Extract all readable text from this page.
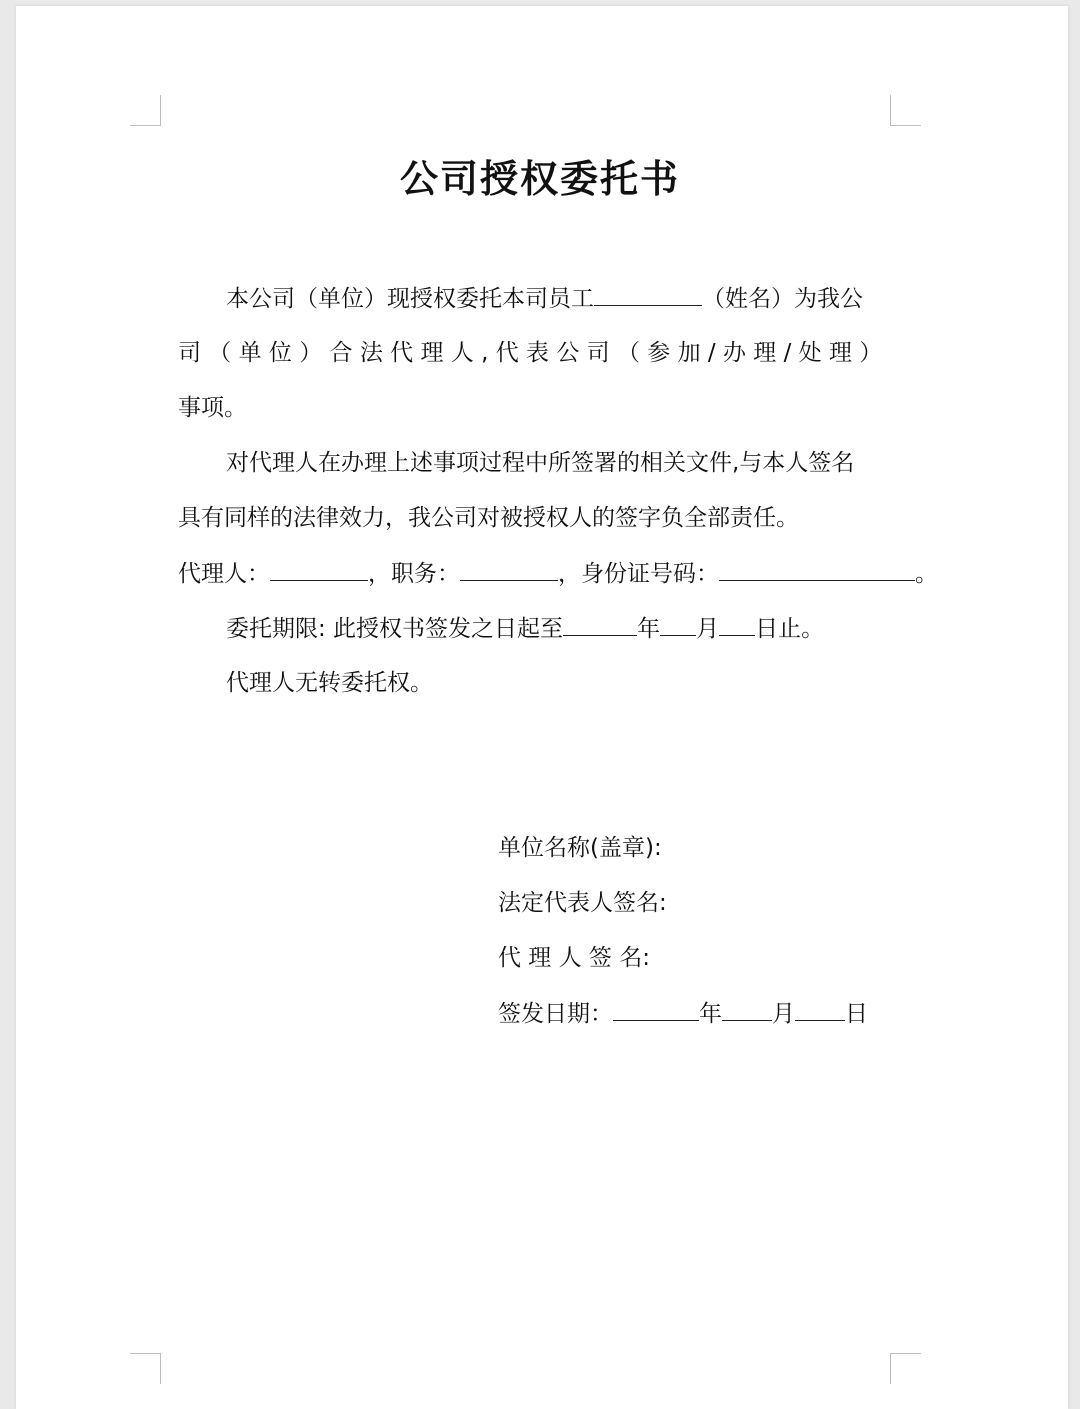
公司授权委托书
本公司（单位）现授权委托本司员工	（姓名）为我公
司 （ 单 位 ） 合 法 代 理 人 , 代 表 公 司 （ 参 加 / 办 理 / 处 理 ）
事项。
对代理人在办理上述事项过程中所签署的相关文件,与本人签名
具有同样的法律效力，我公司对被授权人的签字负全部责任。
代理人：	，职务：	，身份证号码：	。
委托期限: 此授权书签发之日起至	年 月 日止。
代理人无转委托权。
单位名称(盖章):
法定代表人签名:
代 理 人 签 名:
签发日期：	年 月 日
